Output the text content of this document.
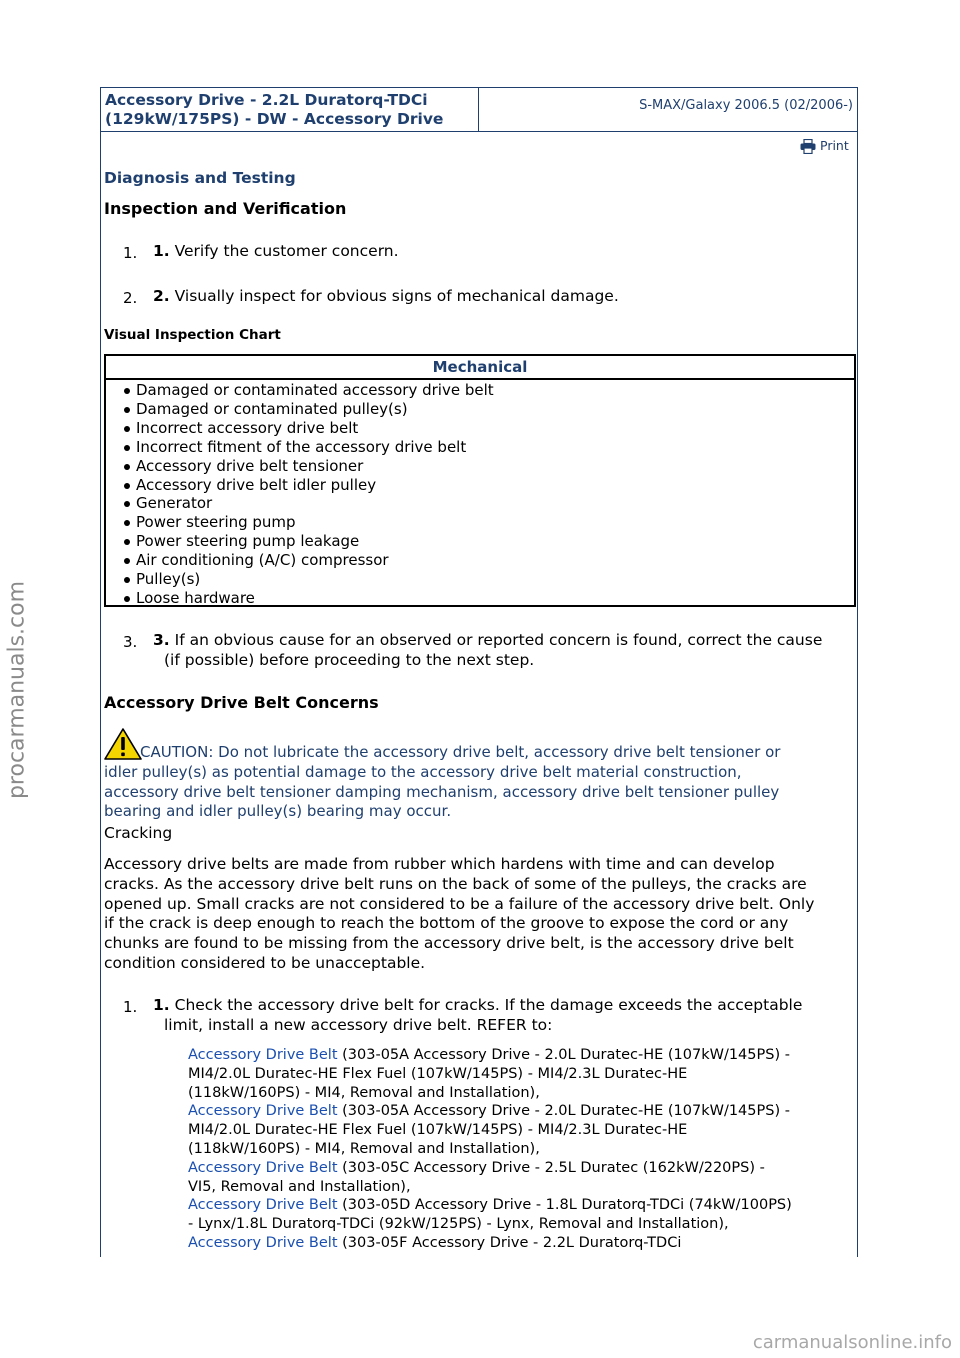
procarmanuals.com
carmanualsonline.info
Accessory Drive - 2.2L Duratorq-TDCi
(129kW/175PS) - DW - Accessory Drive
S-MAX/Galaxy 2006.5 (02/2006-)
Print
Diagnosis and Testing
Inspection and Verification
1. 1. Verify the customer concern.
2. 2. Visually inspect for obvious signs of mechanical damage.
Visual Inspection Chart
Mechanical
Damaged or contaminated accessory drive belt
Damaged or contaminated pulley(s)
Incorrect accessory drive belt
Incorrect fitment of the accessory drive belt
Accessory drive belt tensioner
Accessory drive belt idler pulley
Generator
Power steering pump
Power steering pump leakage
Air conditioning (A/C) compressor
Pulley(s)
Loose hardware
3. 3. If an obvious cause for an observed or reported concern is found, correct the cause
(if possible) before proceeding to the next step.
Accessory Drive Belt Concerns
CAUTION: Do not lubricate the accessory drive belt, accessory drive belt tensioner or
idler pulley(s) as potential damage to the accessory drive belt material construction,
accessory drive belt tensioner damping mechanism, accessory drive belt tensioner pulley
bearing and idler pulley(s) bearing may occur.
Cracking
Accessory drive belts are made from rubber which hardens with time and can develop
cracks. As the accessory drive belt runs on the back of some of the pulleys, the cracks are
opened up. Small cracks are not considered to be a failure of the accessory drive belt. Only
if the crack is deep enough to reach the bottom of the groove to expose the cord or any
chunks are found to be missing from the accessory drive belt, is the accessory drive belt
condition considered to be unacceptable.
1. 1. Check the accessory drive belt for cracks. If the damage exceeds the acceptable
limit, install a new accessory drive belt. REFER to:
Accessory Drive Belt (303-05A Accessory Drive - 2.0L Duratec-HE (107kW/145PS) -
MI4/2.0L Duratec-HE Flex Fuel (107kW/145PS) - MI4/2.3L Duratec-HE
(118kW/160PS) - MI4, Removal and Installation),
Accessory Drive Belt (303-05A Accessory Drive - 2.0L Duratec-HE (107kW/145PS) -
MI4/2.0L Duratec-HE Flex Fuel (107kW/145PS) - MI4/2.3L Duratec-HE
(118kW/160PS) - MI4, Removal and Installation),
Accessory Drive Belt (303-05C Accessory Drive - 2.5L Duratec (162kW/220PS) -
VI5, Removal and Installation),
Accessory Drive Belt (303-05D Accessory Drive - 1.8L Duratorq-TDCi (74kW/100PS)
- Lynx/1.8L Duratorq-TDCi (92kW/125PS) - Lynx, Removal and Installation),
Accessory Drive Belt (303-05F Accessory Drive - 2.2L Duratorq-TDCi
